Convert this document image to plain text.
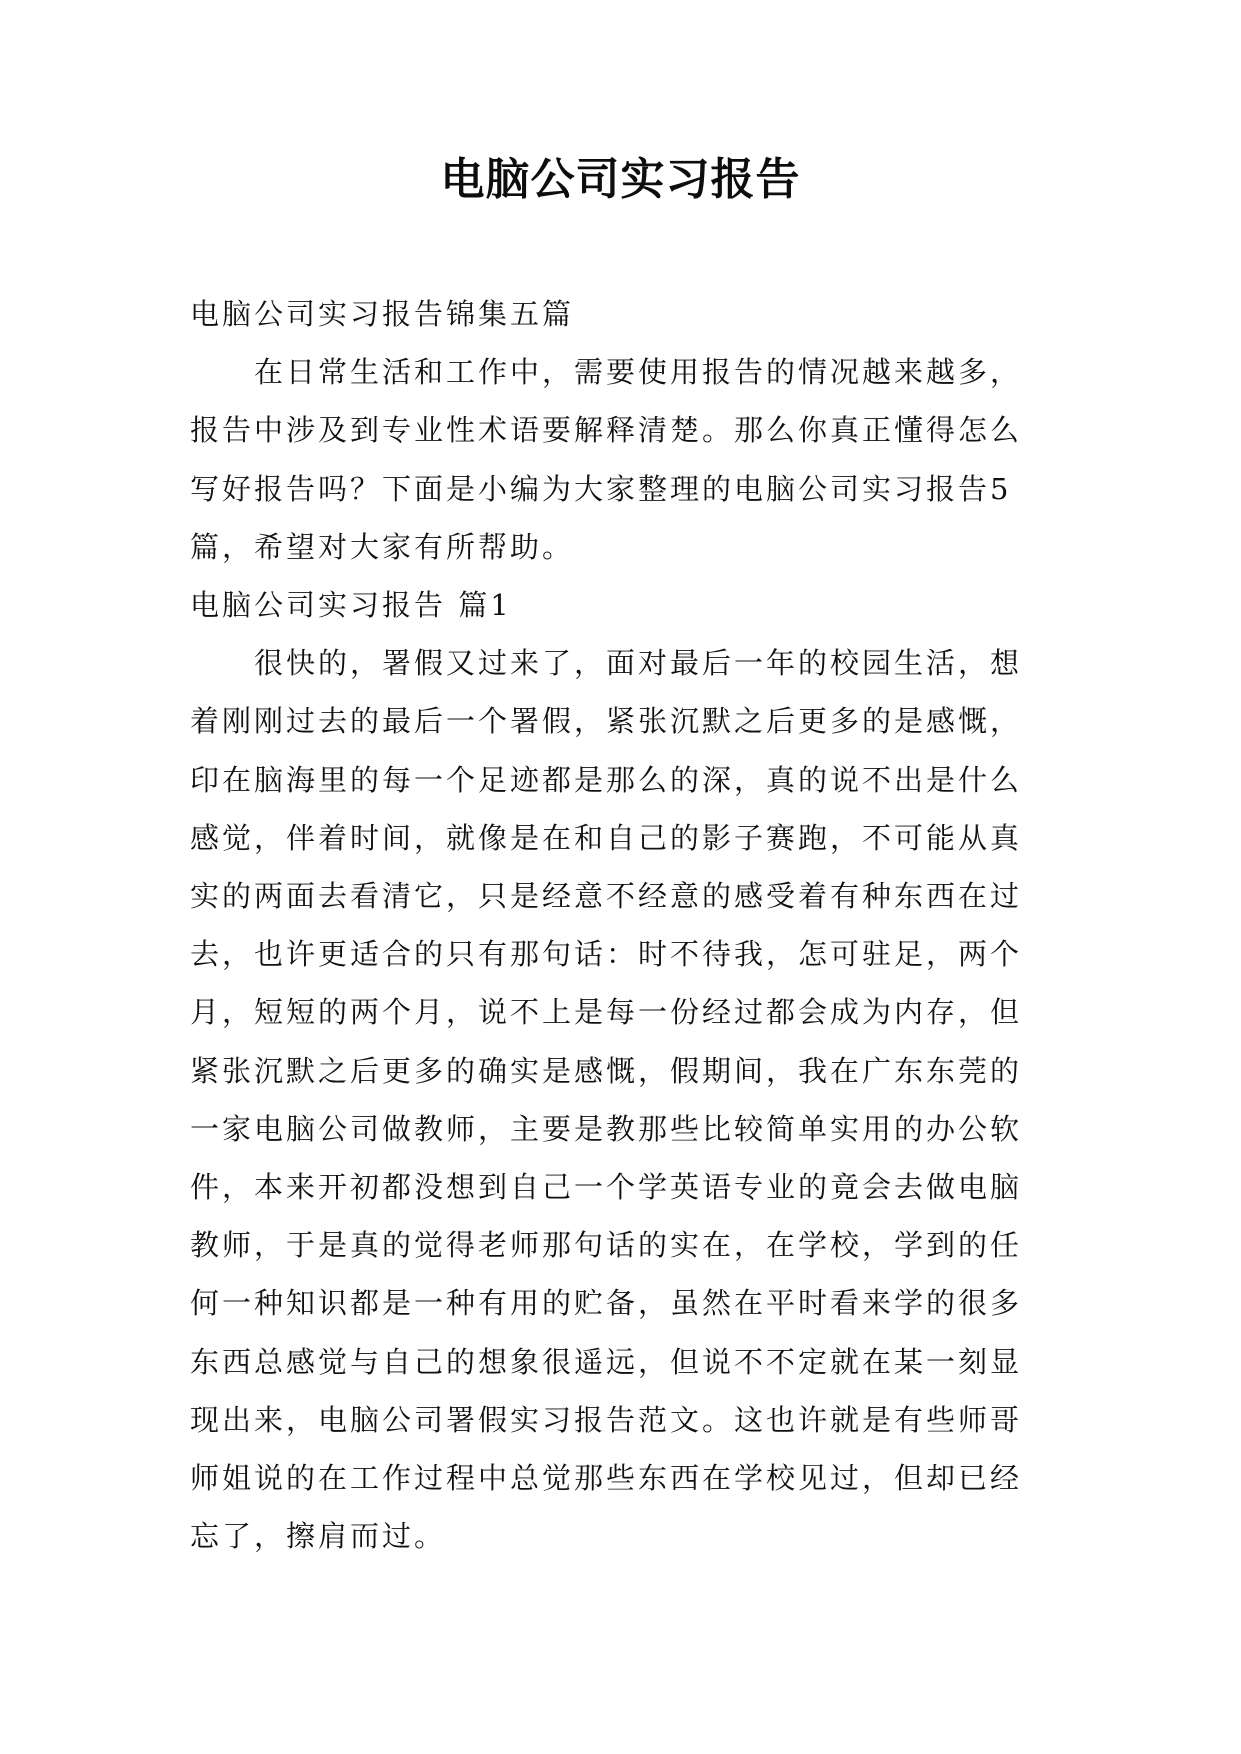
电脑公司实习报告

电脑公司实习报告锦集五篇

在日常生活和工作中，需要使用报告的情况越来越多，报告中涉及到专业性术语要解释清楚。那么你真正懂得怎么写好报告吗？下面是小编为大家整理的电脑公司实习报告5篇，希望对大家有所帮助。

电脑公司实习报告 篇1

很快的，署假又过来了，面对最后一年的校园生活，想着刚刚过去的最后一个署假，紧张沉默之后更多的是感慨，印在脑海里的每一个足迹都是那么的深，真的说不出是什么感觉，伴着时间，就像是在和自己的影子赛跑，不可能从真实的两面去看清它，只是经意不经意的感受着有种东西在过去，也许更适合的只有那句话：时不待我，怎可驻足，两个月，短短的两个月，说不上是每一份经过都会成为内存，但紧张沉默之后更多的确实是感慨，假期间，我在广东东莞的一家电脑公司做教师，主要是教那些比较简单实用的办公软件，本来开初都没想到自己一个学英语专业的竟会去做电脑教师，于是真的觉得老师那句话的实在，在学校，学到的任何一种知识都是一种有用的贮备，虽然在平时看来学的很多东西总感觉与自己的想象很遥远，但说不不定就在某一刻显现出来，电脑公司署假实习报告范文。这也许就是有些师哥师姐说的在工作过程中总觉那些东西在学校见过，但却已经忘了，擦肩而过。
